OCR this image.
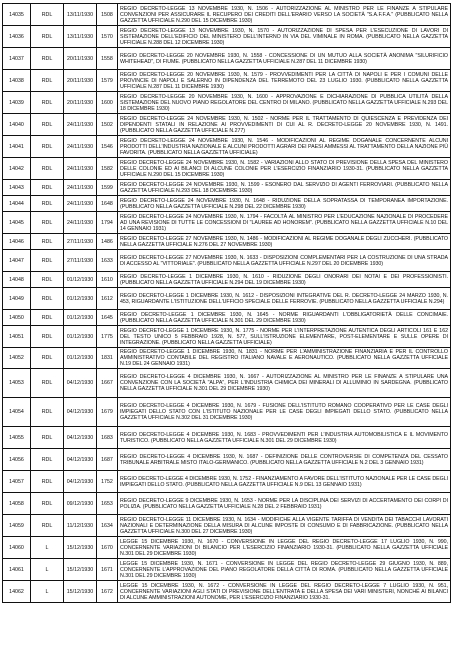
14035	RDL	13/11/1930	1508	REGIO DECRETO-LEGGE 13 NOVEMBRE 1930, N. 1506 - AUTORIZZAZIONE AL MINISTRO PER LE FINANZE A STIPULARE CONVENZIONI PER ASSICURARE IL RECUPERO DEI CREDITI DELL'ERARIO VERSO LA SOCIETÀ "S.A.F.F.A." (PUBBLICATO NELLA GAZZETTA UFFICIALE N.290 DEL 15 DICEMBRE 1930)
14036	RDL	13/11/1930	1570	REGIO DECRETO-LEGGE 13 NOVEMBRE 1930, N. 1570 - AUTORIZZAZIONE DI SPESA PER L'ESECUZIONE DI LAVORI DI SISTEMAZIONE DELL'EDIFICIO DEL MINISTERO DELL'INTERNO IN VIA DEL VIMINALE IN ROMA. (PUBBLICATO NELLA GAZZETTA UFFICIALE N.288 DEL 12 DICEMBRE 1930)
14037	RDL	20/11/1930	1558	REGIO DECRETO-LEGGE 20 NOVEMBRE 1930, N. 1558 - CONCESSIONE DI UN MUTUO ALLA SOCIETÀ ANONIMA "SILURIFICIO WHITEHEAD", DI FIUME. (PUBBLICATO NELLA GAZZETTA UFFICIALE N.287 DEL 11 DICEMBRE 1930)
14038	RDL	20/11/1930	1579	REGIO DECRETO-LEGGE 20 NOVEMBRE 1930, N. 1579 - PROVVEDIMENTI PER LA CITTÀ DI NAPOLI E PER I COMUNI DELLE PROVINCIE DI NAPOLI E SALERNO IN DIPENDENZA DEL TERREMOTO DEL 23 LUGLIO 1930. (PUBBLICATO NELLA GAZZETTA UFFICIALE N.287 DEL 11 DICEMBRE 1930)
14039	RDL	20/11/1930	1600	REGIO DECRETO-LEGGE 20 NOVEMBRE 1930, N. 1600 - APPROVAZIONE E DICHIARAZIONE DI PUBBLICA UTILITÀ DELLA SISTEMAZIONE DEL NUOVO PIANO REGOLATORE DEL CENTRO DI MILANO. (PUBBLICATO NELLA GAZZETTA UFFICIALE N.293 DEL 18 DICEMBRE 1930)
14040	RDL	24/11/1930	1502	REGIO DECRETO-LEGGE 24 NOVEMBRE 1930, N. 1502 - NORME PER IL TRATTAMENTO DI QUIESCENZA E PREVIDENZA DEI DIPENDENTI STATALI IN RELAZIONE AI PROVVEDIMENTI DI CUI AL R. DECRETO-LEGGE 20 NOVEMBRE 1930, N. 1491. (PUBBLICATO NELLA GAZZETTA UFFICIALE N.277)
14041	RDL	24/11/1930	1546	REGIO DECRETO-LEGGE 24 NOVEMBRE 1930, N. 1546 - MODIFICAZIONI AL REGIME DOGANALE CONCERNENTE ALCUNI PRODOTTI DELL'INDUSTRIA NAZIONALE E ALCUNI PRODOTTI AGRARI DEI PAESI AMMESSI AL TRATTAMENTO DELLA NAZIONE PIÙ FAVORITA. (PUBBLICATO NELLA GAZZETTA UFFICIALE)
14042	RDL	24/11/1930	1582	REGIO DECRETO-LEGGE 24 NOVEMBRE 1930, N. 1582 - VARIAZIONI ALLO STATO DI PREVISIONE DELLA SPESA DEL MINISTERO DELLE COLONIE ED AI BILANCI DI ALCUNE COLONIE PER L'ESERCIZIO FINANZIARIO 1930-31. (PUBBLICATO NELLA GAZZETTA UFFICIALE N.290 DEL 15 DICEMBRE 1930)
14043	RDL	24/11/1930	1599	REGIO DECRETO-LEGGE 24 NOVEMBRE 1930, N. 1599 - ESONERO DAL SERVIZIO DI AGENTI FERROVIARI. (PUBBLICATO NELLA GAZZETTA UFFICIALE N.293 DEL 18 DICEMBRE 1930)
14044	RDL	24/11/1930	1648	REGIO DECRETO-LEGGE 24 NOVEMBRE 1930, N. 1648 - RIDUZIONE DELLA SOPRATASSA DI TEMPORANEA IMPORTAZIONE. (PUBBLICATO NELLA GAZZETTA UFFICIALE N.298 DEL 22 DICEMBRE 1930)
14045	RDL	24/11/1930	1794	REGIO DECRETO-LEGGE 24 NOVEMBRE 1930, N. 1794 - FACOLTÀ AL MINISTRO PER L'EDUCAZIONE NAZIONALE DI PROCEDERE AD UNA REVISIONE DI TUTTE LE CONCESSIONI DI "LAUREE AD HONOREM". (PUBBLICATO NELLA GAZZETTA UFFICIALE N.10 DEL 14 GENNAIO 1931)
14046	RDL	27/11/1930	1486	REGIO DECRETO-LEGGE 27 NOVEMBRE 1930, N. 1486 - MODIFICAZIONI AL REGIME DOGANALE DEGLI ZUCCHERI. (PUBBLICATO NELLA GAZZETTA UFFICIALE N.276 DEL 27 NOVEMBRE 1930)
14047	RDL	27/11/1930	1633	REGIO DECRETO-LEGGE 27 NOVEMBRE 1930, N. 1633 - DISPOSIZIONI COMPLEMENTARI PER LA COSTRUZIONE DI UNA STRADA DI ACCESSO AL "VITTORIALE". (PUBBLICATO NELLA GAZZETTA UFFICIALE N.297 DEL 20 DICEMBRE 1930)
14048	RDL	01/12/1930	1610	REGIO DECRETO-LEGGE 1 DICEMBRE 1930, N. 1610 - RIDUZIONE DEGLI ONORARI DEI NOTAI E DEI PROFESSIONISTI. (PUBBLICATO NELLA GAZZETTA UFFICIALE N.294 DEL 19 DICEMBRE 1930)
14049	RDL	01/12/1930	1612	REGIO DECRETO-LEGGE 1 DICEMBRE 1930, N. 1612 - DISPOSIZIONI INTEGRATIVE DEL R. DECRETO-LEGGE 24 MARZO 1930, N. 453, RIGUARDANTE L'ISTITUZIONE DELL'UFFICIO SPECIALE DELLE FERROVIE. (PUBBLICATO NELLA GAZZETTA UFFICIALE N.294)
14050	RDL	01/12/1930	1645	REGIO DECRETO-LEGGE 1 DICEMBRE 1930, N. 1645 - NORME RIGUARDANTI L'OBBLIGATORIETÀ DELLE CONCIMAIE. (PUBBLICATO NELLA GAZZETTA UFFICIALE N.301 DEL 29 DICEMBRE 1930)
14051	RDL	01/12/1930	1775	REGIO DECRETO-LEGGE 1 DICEMBRE 1930, N. 1775 - NORME PER L'INTERPRETAZIONE AUTENTICA DEGLI ARTICOLI 161 E 162 DEL TESTO UNICO 5 FEBBRAIO 1928, N. 577, SULL'ISTRUZIONE ELEMENTARE, POST-ELEMENTARE E SULLE OPERE DI INTEGRAZIONE. (PUBBLICATO NELLA GAZZETTA UFFICIALE)
14052	RDL	01/12/1930	1831	REGIO DECRETO-LEGGE 1 DICEMBRE 1930, N. 1831 - NORME PER L'AMMINISTRAZIONE FINANZIARIA E PER IL CONTROLLO AMMINISTRATIVO CONTABILE DEL REGISTRO ITALIANO NAVALE E AERONAUTICO. (PUBBLICATO NELLA GAZZETTA UFFICIALE N.19 DEL 24 GENNAIO 1931)
14053	RDL	04/12/1930	1667	REGIO DECRETO-LEGGE 4 DICEMBRE 1930, N. 1667 - AUTORIZZAZIONE AL MINISTRO PER LE FINANZE A STIPULARE UNA CONVENZIONE CON LA SOCIETÀ "ALPA", PER L'INDUSTRIA CHIMICA DEI MINERALI DI ALLUMINIO IN SARDEGNA. (PUBBLICATO NELLA GAZZETTA UFFICIALE N.301 DEL 29 DICEMBRE 1930)
14054	RDL	04/12/1930	1679	REGIO DECRETO-LEGGE 4 DICEMBRE 1930, N. 1679 - FUSIONE DELL'ISTITUTO ROMANO COOPERATIVO PER LE CASE DEGLI IMPIEGATI DELLO STATO CON L'ISTITUTO NAZIONALE PER LE CASE DEGLI IMPIEGATI DELLO STATO. (PUBBLICATO NELLA GAZZETTA UFFICIALE N.302 DEL 31 DICEMBRE 1930)
14055	RDL	04/12/1930	1683	REGIO DECRETO-LEGGE 4 DICEMBRE 1930, N. 1683 - PROVVEDIMENTI PER L'INDUSTRIA AUTOMOBILISTICA E IL MOVIMENTO TURISTICO. (PUBBLICATO NELLA GAZZETTA UFFICIALE N.301 DEL 29 DICEMBRE 1930)
14056	RDL	04/12/1930	1687	REGIO DECRETO-LEGGE 4 DICEMBRE 1930, N. 1687 - DEFINIZIONE DELLE CONTROVERSIE DI COMPETENZA DEL CESSATO TRIBUNALE ARBITRALE MISTO ITALO-GERMANICO. (PUBBLICATO NELLA GAZZETTA UFFICIALE N.2 DEL 3 GENNAIO 1931)
14057	RDL	04/12/1930	1752	REGIO DECRETO-LEGGE 4 DICEMBRE 1930, N. 1752 - FINANZIAMENTO A FAVORE DELL'ISTITUTO NAZIONALE PER LE CASE DEGLI IMPIEGATI DELLO STATO. (PUBBLICATO NELLA GAZZETTA UFFICIALE N.9 DEL 13 GENNAIO 1931)
14058	RDL	09/12/1930	1653	REGIO DECRETO-LEGGE 9 DICEMBRE 1930, N. 1653 - NORME PER LA DISCIPLINA DEI SERVIZI DI ACCERTAMENTO DEI CORPI DI POLIZIA. (PUBBLICATO NELLA GAZZETTA UFFICIALE N.28 DEL 2 FEBBRAIO 1931)
14059	RDL	11/12/1930	1634	REGIO DECRETO-LEGGE 11 DICEMBRE 1930, N. 1634 - MODIFICHE ALLA VIGENTE TARIFFA DI VENDITA DEI TABACCHI LAVORATI NAZIONALI E DETERMINAZIONE DELLA MISURA DI ALCUNE IMPOSTE DI CONSUMO E DI FABBRICAZIONE. (PUBBLICATO NELLA GAZZETTA UFFICIALE N.300 DEL 27 DICEMBRE 1930)
14060	L	15/12/1930	1670	LEGGE 15 DICEMBRE 1930, N. 1670 - CONVERSIONE IN LEGGE DEL REGIO DECRETO-LEGGE 17 LUGLIO 1930, N. 990, CONCERNENTE VARIAZIONI DI BILANCIO PER L'ESERCIZIO FINANZIARIO 1930-31. (PUBBLICATO NELLA GAZZETTA UFFICIALE N.301 DEL 29 DICEMBRE 1930)
14061	L	15/12/1930	1671	LEGGE 15 DICEMBRE 1930, N. 1671 - CONVERSIONE IN LEGGE DEL REGIO DECRETO-LEGGE 29 GIUGNO 1930, N. 889, CONCERNENTE L'APPROVAZIONE DEL PIANO REGOLATORE DELLA CITTÀ DI ROMA. (PUBBLICATO NELLA GAZZETTA UFFICIALE N.301 DEL 29 DICEMBRE 1930)
14062	L	15/12/1930	1672	LEGGE 15 DICEMBRE 1930, N. 1672 - CONVERSIONE IN LEGGE DEL REGIO DECRETO-LEGGE 7 LUGLIO 1930, N. 951, CONCERNENTE VARIAZIONI AGLI STATI DI PREVISIONE DELL'ENTRATA E DELLA SPESA DEI VARI MINISTERI, NONCHÉ AI BILANCI DI ALCUNE AMMINISTRAZIONI AUTONOME, PER L'ESERCIZIO FINANZIARIO 1930-31.
